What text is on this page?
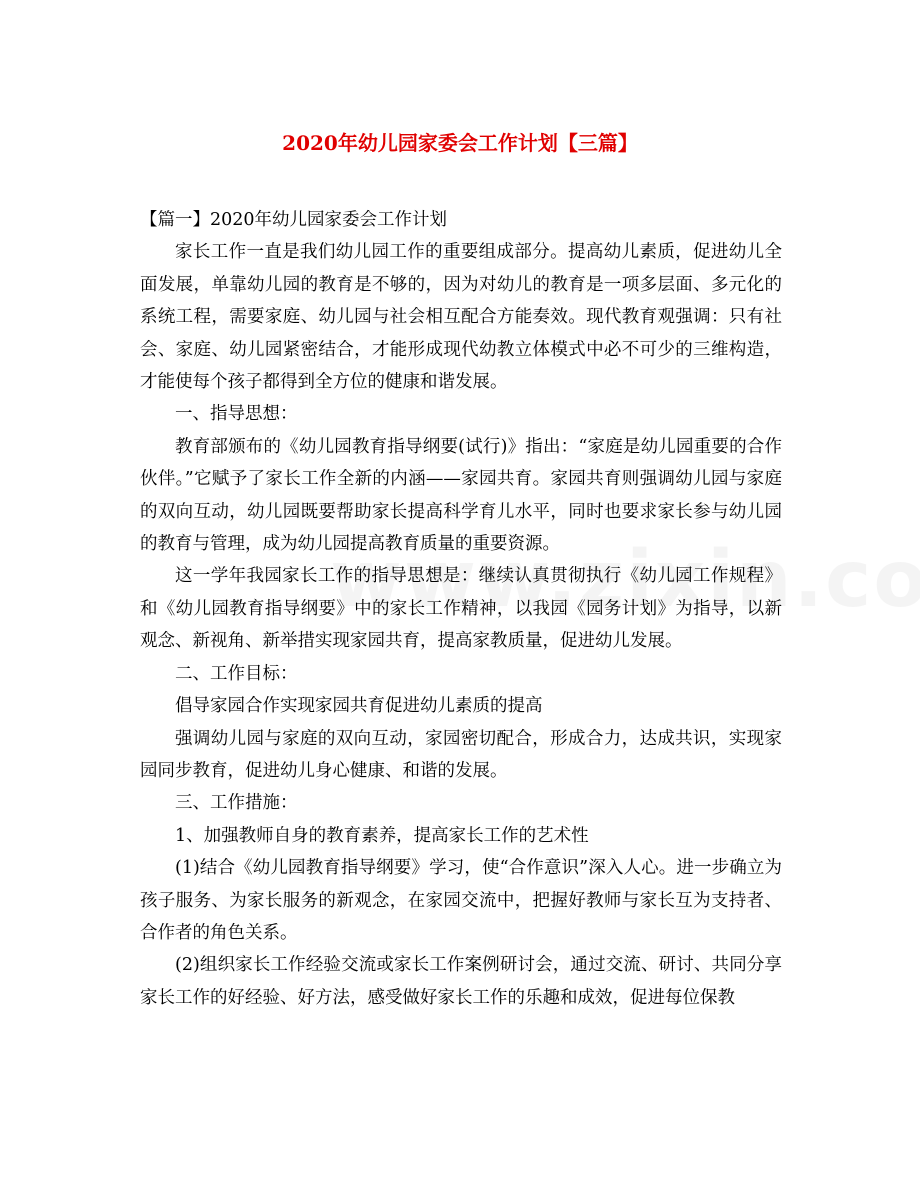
2020年幼儿园家委会工作计划【三篇】

【篇一】2020年幼儿园家委会工作计划

家长工作一直是我们幼儿园工作的重要组成部分。提高幼儿素质，促进幼儿全面发展，单靠幼儿园的教育是不够的，因为对幼儿的教育是一项多层面、多元化的系统工程，需要家庭、幼儿园与社会相互配合方能奏效。现代教育观强调：只有社会、家庭、幼儿园紧密结合，才能形成现代幼教立体模式中必不可少的三维构造，才能使每个孩子都得到全方位的健康和谐发展。

一、指导思想：

教育部颁布的《幼儿园教育指导纲要(试行)》指出：“家庭是幼儿园重要的合作伙伴。”它赋予了家长工作全新的内涵——家园共育。家园共育则强调幼儿园与家庭的双向互动，幼儿园既要帮助家长提高科学育儿水平，同时也要求家长参与幼儿园的教育与管理，成为幼儿园提高教育质量的重要资源。

这一学年我园家长工作的指导思想是：继续认真贯彻执行《幼儿园工作规程》和《幼儿园教育指导纲要》中的家长工作精神，以我园《园务计划》为指导，以新观念、新视角、新举措实现家园共育，提高家教质量，促进幼儿发展。

二、工作目标：

倡导家园合作实现家园共育促进幼儿素质的提高

强调幼儿园与家庭的双向互动，家园密切配合，形成合力，达成共识，实现家园同步教育，促进幼儿身心健康、和谐的发展。

三、工作措施：

1、加强教师自身的教育素养，提高家长工作的艺术性

(1)结合《幼儿园教育指导纲要》学习，使“合作意识”深入人心。进一步确立为孩子服务、为家长服务的新观念，在家园交流中，把握好教师与家长互为支持者、合作者的角色关系。

(2)组织家长工作经验交流或家长工作案例研讨会，通过交流、研讨、共同分享家长工作的好经验、好方法，感受做好家长工作的乐趣和成效，促进每位保教
